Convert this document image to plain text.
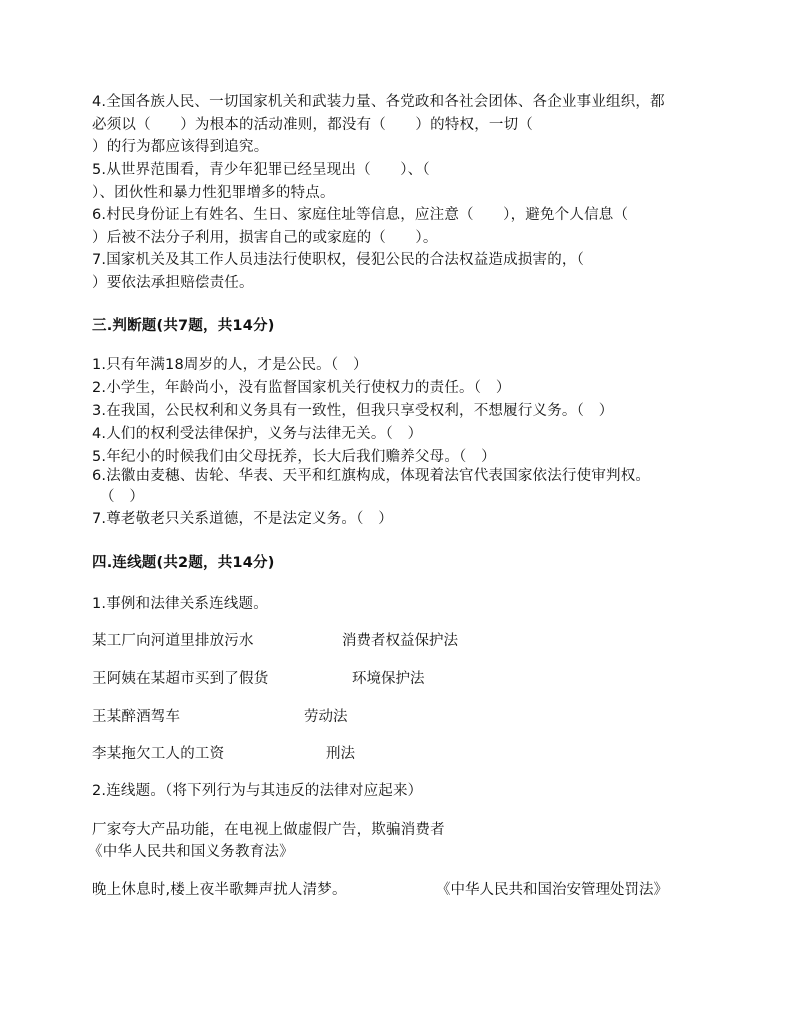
4.全国各族人民、一切国家机关和武装力量、各党政和各社会团体、各企业事业组织，都
必须以（　　）为根本的活动准则，都没有（　　）的特权，一切（
）的行为都应该得到追究。
5.从世界范围看，青少年犯罪已经呈现出（　　）、（
）、团伙性和暴力性犯罪增多的特点。
6.村民身份证上有姓名、生日、家庭住址等信息，应注意（　　），避免个人信息（
）后被不法分子利用，损害自己的或家庭的（　　）。
7.国家机关及其工作人员违法行使职权，侵犯公民的合法权益造成损害的，（
）要依法承担赔偿责任。
三.判断题(共7题，共14分)
1.只有年满18周岁的人，才是公民。（　）
2.小学生，年龄尚小，没有监督国家机关行使权力的责任。（　）
3.在我国，公民权利和义务具有一致性，但我只享受权利，不想履行义务。（　）
4.人们的权利受法律保护，义务与法律无关。（　）
5.年纪小的时候我们由父母抚养，长大后我们赡养父母。（　）
6.法徽由麦穗、齿轮、华表、天平和红旗构成，体现着法官代表国家依法行使审判权。
（　）
7.尊老敬老只关系道德，不是法定义务。（　）
四.连线题(共2题，共14分)
1.事例和法律关系连线题。
某工厂向河道里排放污水	消费者权益保护法
王阿姨在某超市买到了假货	环境保护法
王某醉酒驾车	劳动法
李某拖欠工人的工资	刑法
2.连线题。（将下列行为与其违反的法律对应起来）
厂家夸大产品功能，在电视上做虚假广告，欺骗消费者
《中华人民共和国义务教育法》
晚上休息时,楼上夜半歌舞声扰人清梦。	《中华人民共和国治安管理处罚法》
